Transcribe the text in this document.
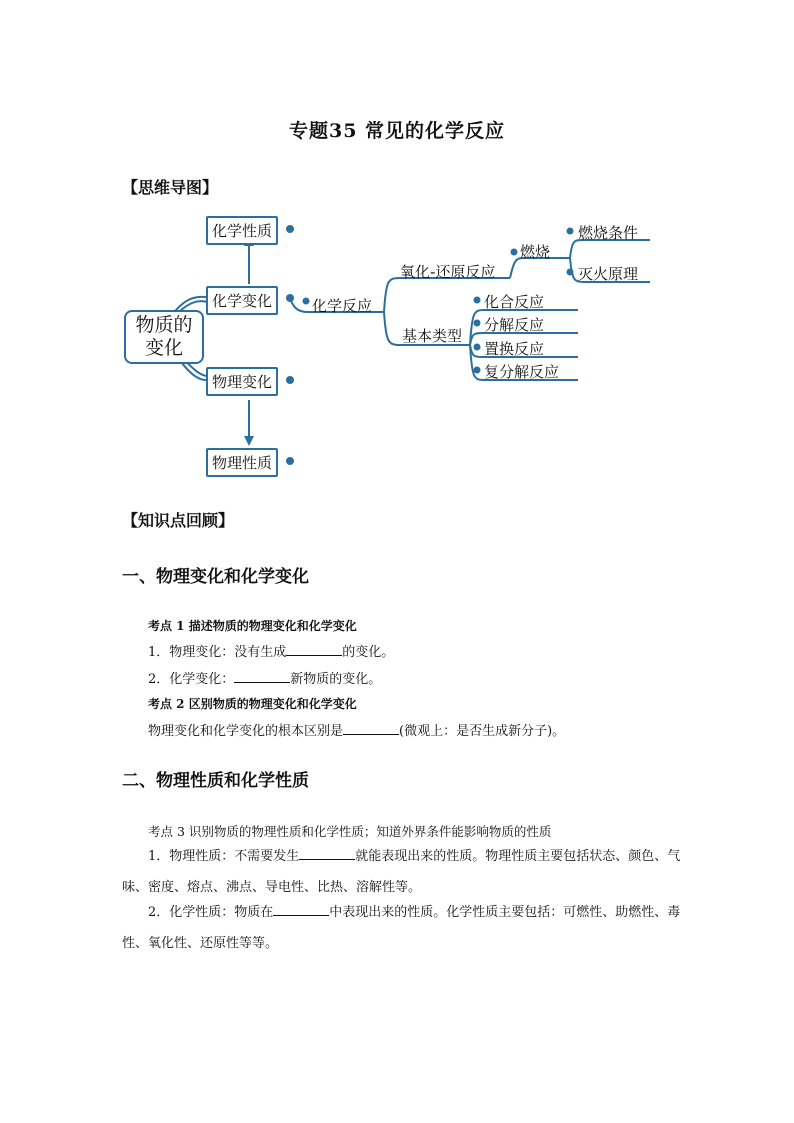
专题35 常见的化学反应
【思维导图】
化学性质
化学变化
物质的变化
物理变化
物理性质
化学反应
氧化-还原反应
燃烧
燃烧条件
灭火原理
基本类型
化合反应
分解反应
置换反应
复分解反应
【知识点回顾】
一、物理变化和化学变化
考点 1 描述物质的物理变化和化学变化
1．物理变化：没有生成	的变化。
2．化学变化：	新物质的变化。
考点 2 区别物质的物理变化和化学变化
物理变化和化学变化的根本区别是	(微观上：是否生成新分子)。
二、物理性质和化学性质
考点 3 识别物质的物理性质和化学性质；知道外界条件能影响物质的性质
1．物理性质：不需要发生	就能表现出来的性质。物理性质主要包括状态、颜色、气味、密度、熔点、沸点、导电性、比热、溶解性等。
2．化学性质：物质在	中表现出来的性质。化学性质主要包括：可燃性、助燃性、毒性、氧化性、还原性等等。
